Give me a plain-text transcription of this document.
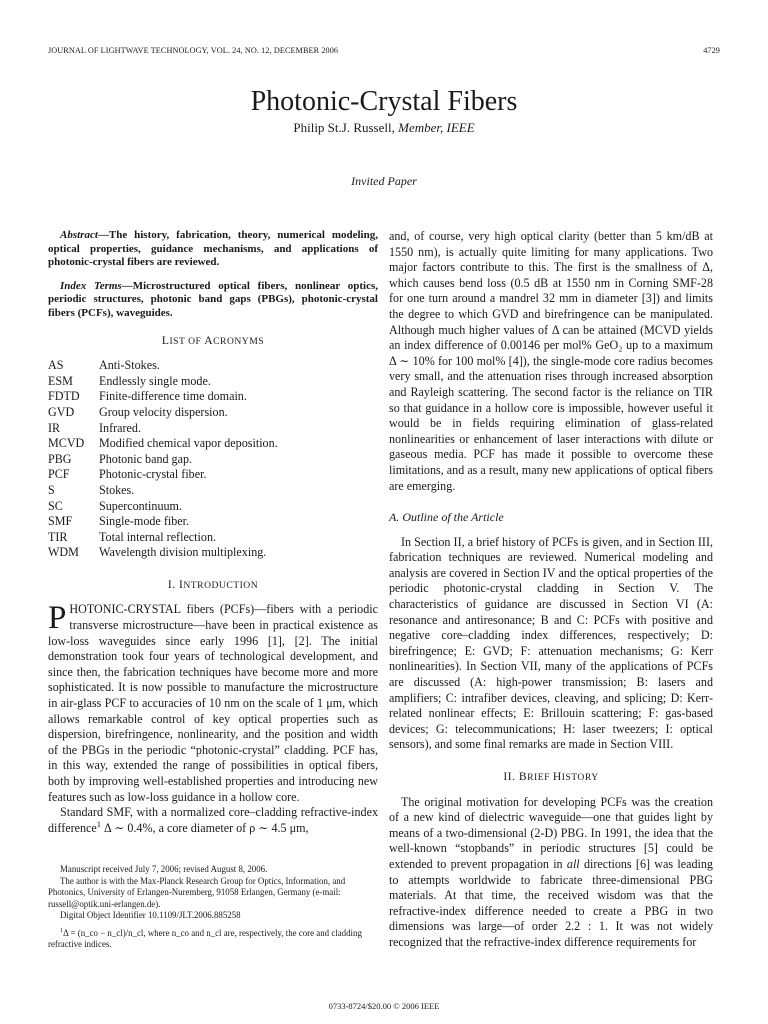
JOURNAL OF LIGHTWAVE TECHNOLOGY, VOL. 24, NO. 12, DECEMBER 2006	4729
Photonic-Crystal Fibers
Philip St.J. Russell, Member, IEEE
Invited Paper

Abstract—The history, fabrication, theory, numerical modeling, optical properties, guidance mechanisms, and applications of photonic-crystal fibers are reviewed.

Index Terms—Microstructured optical fibers, nonlinear optics, periodic structures, photonic band gaps (PBGs), photonic-crystal fibers (PCFs), waveguides.

LIST OF ACRONYMS
AS	Anti-Stokes.
ESM	Endlessly single mode.
FDTD	Finite-difference time domain.
GVD	Group velocity dispersion.
IR	Infrared.
MCVD	Modified chemical vapor deposition.
PBG	Photonic band gap.
PCF	Photonic-crystal fiber.
S	Stokes.
SC	Supercontinuum.
SMF	Single-mode fiber.
TIR	Total internal reflection.
WDM	Wavelength division multiplexing.
I. INTRODUCTION

PHOTONIC-CRYSTAL fibers (PCFs)—fibers with a periodic transverse microstructure—have been in practical existence as low-loss waveguides since early 1996 [1], [2]. The initial demonstration took four years of technological development, and since then, the fabrication techniques have become more and more sophisticated. It is now possible to manufacture the microstructure in air-glass PCF to accuracies of 10 nm on the scale of 1 μm, which allows remarkable control of key optical properties such as dispersion, birefringence, nonlinearity, and the position and width of the PBGs in the periodic “photonic-crystal” cladding. PCF has, in this way, extended the range of possibilities in optical fibers, both by improving well-established properties and introducing new features such as low-loss guidance in a hollow core.

Standard SMF, with a normalized core–cladding refractive-index difference$^1$ Δ ∼ 0.4%, a core diameter of ρ ∼ 4.5 μm,

Manuscript received July 7, 2006; revised August 8, 2006.

The author is with the Max-Planck Research Group for Optics, Information, and Photonics, University of Erlangen-Nuremberg, 91058 Erlangen, Germany (e-mail: russell@optik.uni-erlangen.de).

Digital Object Identifier 10.1109/JLT.2006.885258

$^1$Δ = (n_co − n_cl)/n_cl, where n_co and n_cl are, respectively, the core and cladding refractive indices.

and, of course, very high optical clarity (better than 5 km/dB at 1550 nm), is actually quite limiting for many applications. Two major factors contribute to this. The first is the smallness of Δ, which causes bend loss (0.5 dB at 1550 nm in Corning SMF-28 for one turn around a mandrel 32 mm in diameter [3]) and limits the degree to which GVD and birefringence can be manipulated. Although much higher values of Δ can be attained (MCVD yields an index difference of 0.00146 per mol% GeO₂ up to a maximum Δ ∼ 10% for 100 mol% [4]), the single-mode core radius becomes very small, and the attenuation rises through increased absorption and Rayleigh scattering. The second factor is the reliance on TIR so that guidance in a hollow core is impossible, however useful it would be in fields requiring elimination of glass-related nonlinearities or enhancement of laser interactions with dilute or gaseous media. PCF has made it possible to overcome these limitations, and as a result, many new applications of optical fibers are emerging.

A. Outline of the Article

In Section II, a brief history of PCFs is given, and in Section III, fabrication techniques are reviewed. Numerical modeling and analysis are covered in Section IV and the optical properties of the periodic photonic-crystal cladding in Section V. The characteristics of guidance are discussed in Section VI (A: resonance and antiresonance; B and C: PCFs with positive and negative core–cladding index differences, respectively; D: birefringence; E: GVD; F: attenuation mechanisms; G: Kerr nonlinearities). In Section VII, many of the applications of PCFs are discussed (A: high-power transmission; B: lasers and amplifiers; C: intrafiber devices, cleaving, and splicing; D: Kerr-related nonlinear effects; E: Brillouin scattering; F: gas-based devices; G: telecommunications; H: laser tweezers; I: optical sensors), and some final remarks are made in Section VIII.

II. BRIEF HISTORY

The original motivation for developing PCFs was the creation of a new kind of dielectric waveguide—one that guides light by means of a two-dimensional (2-D) PBG. In 1991, the idea that the well-known “stopbands” in periodic structures [5] could be extended to prevent propagation in all directions [6] was leading to attempts worldwide to fabricate three-dimensional PBG materials. At that time, the received wisdom was that the refractive-index difference needed to create a PBG in two dimensions was large—of order 2.2 : 1. It was not widely recognized that the refractive-index difference requirements for

0733-8724/$20.00 © 2006 IEEE
